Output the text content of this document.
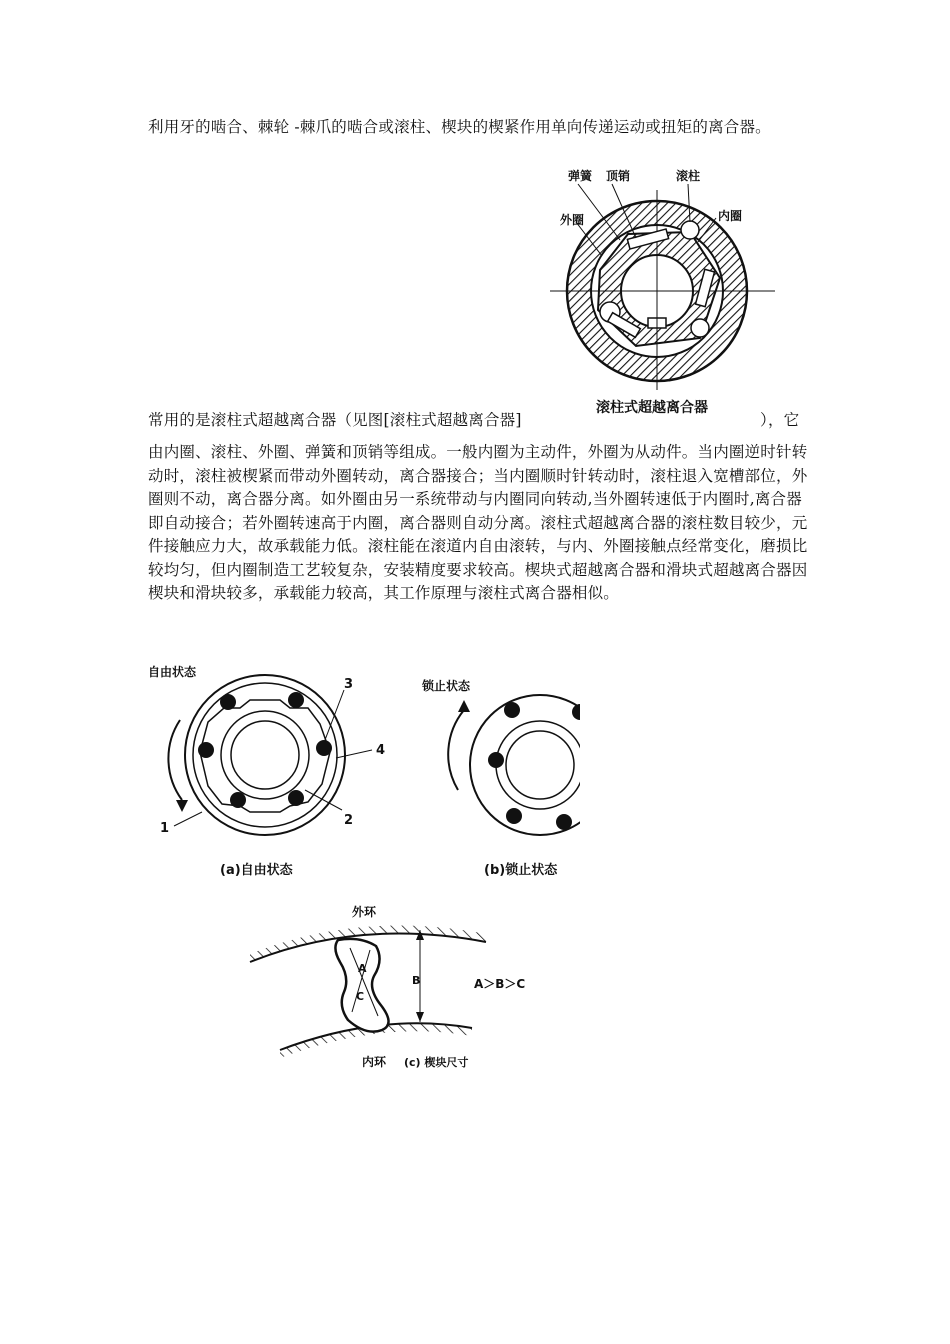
利用牙的啮合、棘轮 -棘爪的啮合或滚柱、楔块的楔紧作用单向传递运动或扭矩的离合器。
弹簧 顶销	滚柱
外圈	内圈
滚柱式超越离合器
常用的是滚柱式超越离合器（见图[滚柱式超越离合器]	），它
由内圈、滚柱、外圈、弹簧和顶销等组成。一般内圈为主动件，外圈为从动件。当内圈逆时针转动时，滚柱被楔紧而带动外圈转动，离合器接合；当内圈顺时针转动时，滚柱退入宽槽部位，外圈则不动，离合器分离。如外圈由另一系统带动与内圈同向转动,当外圈转速低于内圈时,离合器即自动接合；若外圈转速高于内圈，离合器则自动分离。滚柱式超越离合器的滚柱数目较少，元件接触应力大，故承载能力低。滚柱能在滚道内自由滚转，与内、外圈接触点经常变化，磨损比较均匀，但内圈制造工艺较复杂，安装精度要求较高。楔块式超越离合器和滑块式超越离合器因楔块和滑块较多，承载能力较高，其工作原理与滚柱式离合器相似。
自由状态
3
4
2
1
(a)自由状态
锁止状态
(b)锁止状态
外环
A
B
C
A＞B＞C
内环 (c) 楔块尺寸
